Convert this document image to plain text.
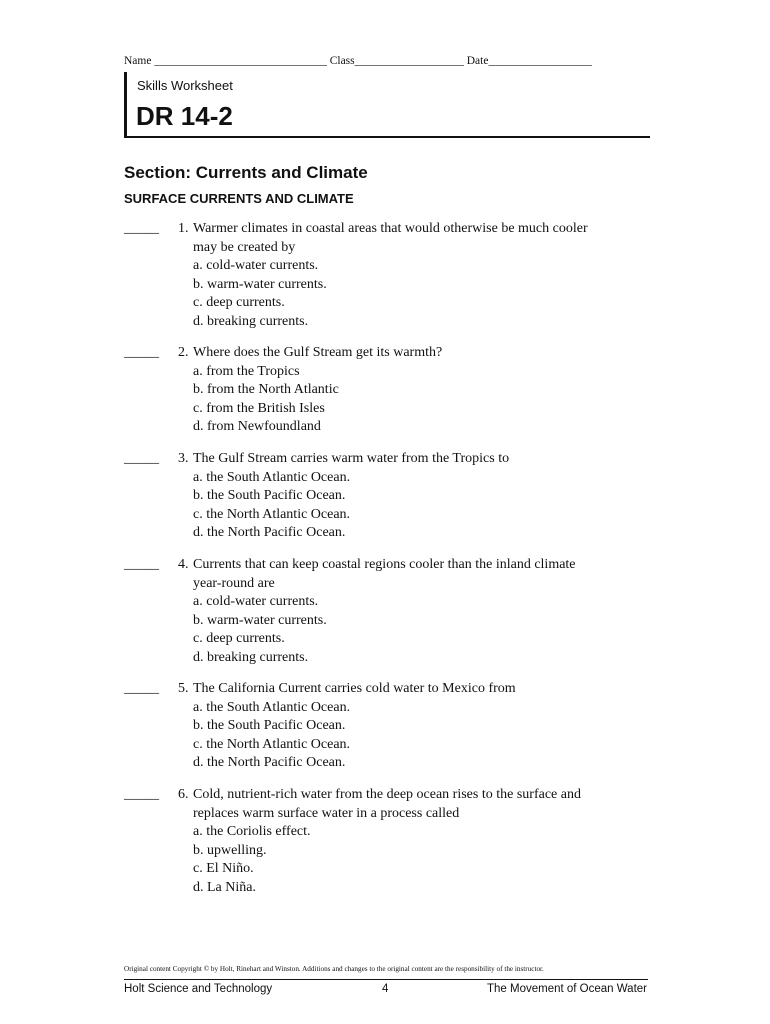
Name ______________________________ Class___________________ Date__________________
Skills Worksheet
DR 14-2
Section: Currents and Climate
SURFACE CURRENTS AND CLIMATE
_____ 1. Warmer climates in coastal areas that would otherwise be much cooler
may be created by
a. cold-water currents.
b. warm-water currents.
c. deep currents.
d. breaking currents.
_____ 2. Where does the Gulf Stream get its warmth?
a. from the Tropics
b. from the North Atlantic
c. from the British Isles
d. from Newfoundland
_____ 3. The Gulf Stream carries warm water from the Tropics to
a. the South Atlantic Ocean.
b. the South Pacific Ocean.
c. the North Atlantic Ocean.
d. the North Pacific Ocean.
_____ 4. Currents that can keep coastal regions cooler than the inland climate
year-round are
a. cold-water currents.
b. warm-water currents.
c. deep currents.
d. breaking currents.
_____ 5. The California Current carries cold water to Mexico from
a. the South Atlantic Ocean.
b. the South Pacific Ocean.
c. the North Atlantic Ocean.
d. the North Pacific Ocean.
_____ 6. Cold, nutrient-rich water from the deep ocean rises to the surface and
replaces warm surface water in a process called
a. the Coriolis effect.
b. upwelling.
c. El Niño.
d. La Niña.
Original content Copyright © by Holt, Rinehart and Winston. Additions and changes to the original content are the responsibility of the instructor.
Holt Science and Technology	4	The Movement of Ocean Water
